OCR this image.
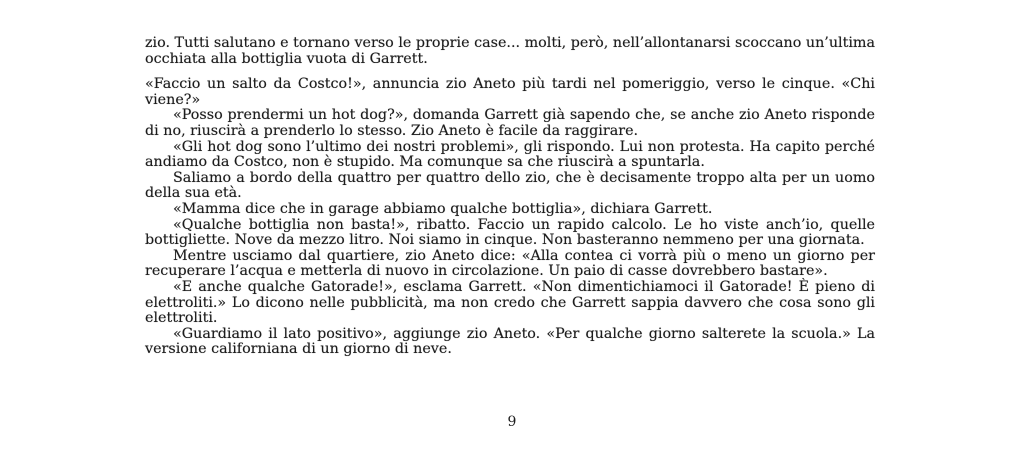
zio. Tutti salutano e tornano verso le proprie case... molti, però, nell’allontanarsi scoccano un’ultima occhiata alla bottiglia vuota di Garrett.

«Faccio un salto da Costco!», annuncia zio Aneto più tardi nel pomeriggio, verso le cinque. «Chi viene?»

«Posso prendermi un hot dog?», domanda Garrett già sapendo che, se anche zio Aneto risponde di no, riuscirà a prenderlo lo stesso. Zio Aneto è facile da raggirare.

«Gli hot dog sono l’ultimo dei nostri problemi», gli rispondo. Lui non protesta. Ha capito perché andiamo da Costco, non è stupido. Ma comunque sa che riuscirà a spuntarla.

Saliamo a bordo della quattro per quattro dello zio, che è decisamente troppo alta per un uomo della sua età.

«Mamma dice che in garage abbiamo qualche bottiglia», dichiara Garrett.

«Qualche bottiglia non basta!», ribatto. Faccio un rapido calcolo. Le ho viste anch’io, quelle bottigliette. Nove da mezzo litro. Noi siamo in cinque. Non basteranno nemmeno per una giornata.

Mentre usciamo dal quartiere, zio Aneto dice: «Alla contea ci vorrà più o meno un giorno per recuperare l’acqua e metterla di nuovo in circolazione. Un paio di casse dovrebbero bastare».

«E anche qualche Gatorade!», esclama Garrett. «Non dimentichiamoci il Gatorade! È pieno di elettroliti.» Lo dicono nelle pubblicità, ma non credo che Garrett sappia davvero che cosa sono gli elettroliti.

«Guardiamo il lato positivo», aggiunge zio Aneto. «Per qualche giorno salterete la scuola.» La versione californiana di un giorno di neve.

9
